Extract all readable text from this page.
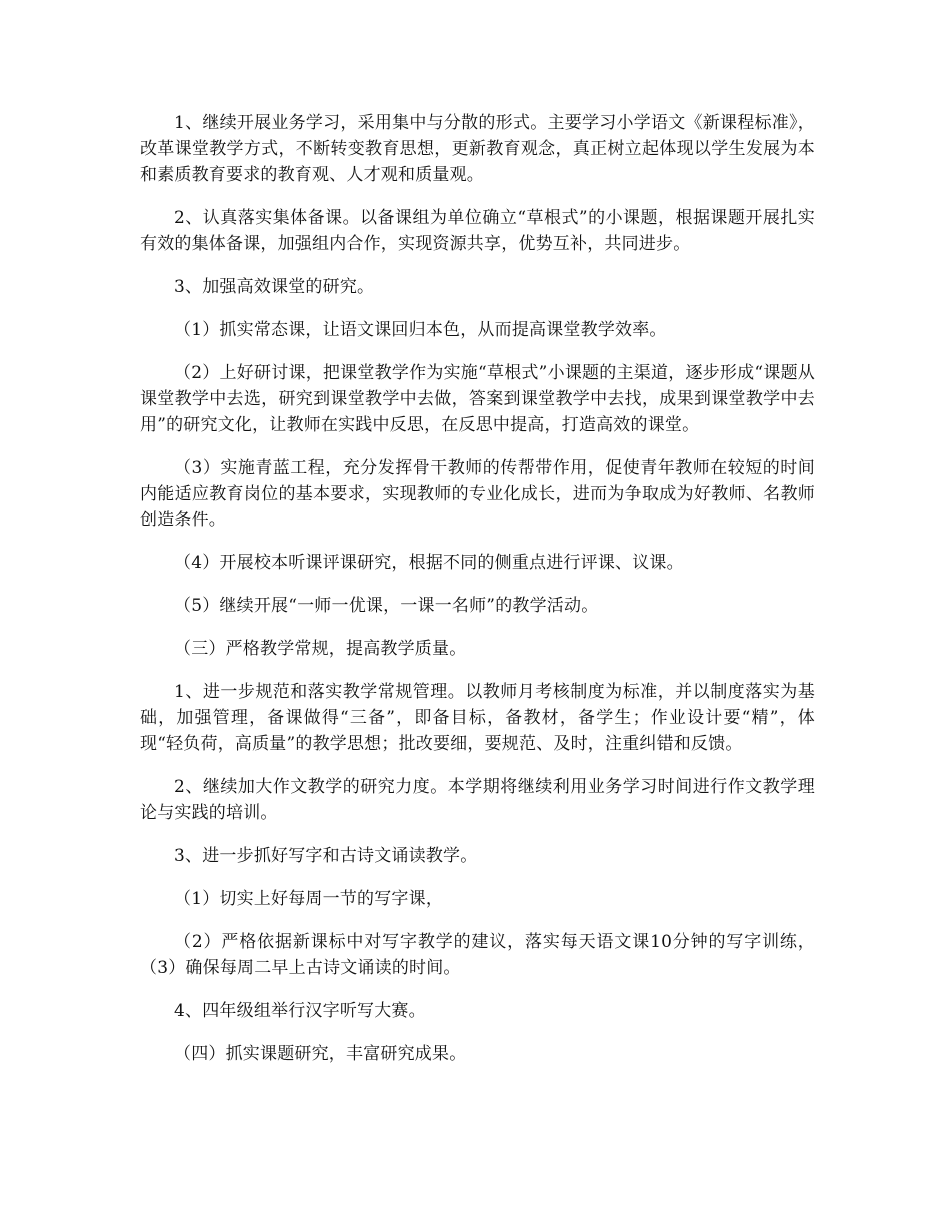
1、继续开展业务学习，采用集中与分散的形式。主要学习小学语文《新课程标准》，改革课堂教学方式，不断转变教育思想，更新教育观念，真正树立起体现以学生发展为本和素质教育要求的教育观、人才观和质量观。

2、认真落实集体备课。以备课组为单位确立“草根式”的小课题，根据课题开展扎实有效的集体备课，加强组内合作，实现资源共享，优势互补，共同进步。

3、加强高效课堂的研究。

（1）抓实常态课，让语文课回归本色，从而提高课堂教学效率。

（2）上好研讨课，把课堂教学作为实施“草根式”小课题的主渠道，逐步形成“课题从课堂教学中去选，研究到课堂教学中去做，答案到课堂教学中去找，成果到课堂教学中去用”的研究文化，让教师在实践中反思，在反思中提高，打造高效的课堂。

（3）实施青蓝工程，充分发挥骨干教师的传帮带作用，促使青年教师在较短的时间内能适应教育岗位的基本要求，实现教师的专业化成长，进而为争取成为好教师、名教师创造条件。

（4）开展校本听课评课研究，根据不同的侧重点进行评课、议课。

（5）继续开展“一师一优课，一课一名师”的教学活动。

（三）严格教学常规，提高教学质量。

1、进一步规范和落实教学常规管理。以教师月考核制度为标准，并以制度落实为基础，加强管理，备课做得“三备”，即备目标，备教材，备学生；作业设计要“精”，体现“轻负荷，高质量”的教学思想；批改要细，要规范、及时，注重纠错和反馈。

2、继续加大作文教学的研究力度。本学期将继续利用业务学习时间进行作文教学理论与实践的培训。

3、进一步抓好写字和古诗文诵读教学。

（1）切实上好每周一节的写字课，

（2）严格依据新课标中对写字教学的建议，落实每天语文课10分钟的写字训练，（3）确保每周二早上古诗文诵读的时间。

4、四年级组举行汉字听写大赛。

（四）抓实课题研究，丰富研究成果。
